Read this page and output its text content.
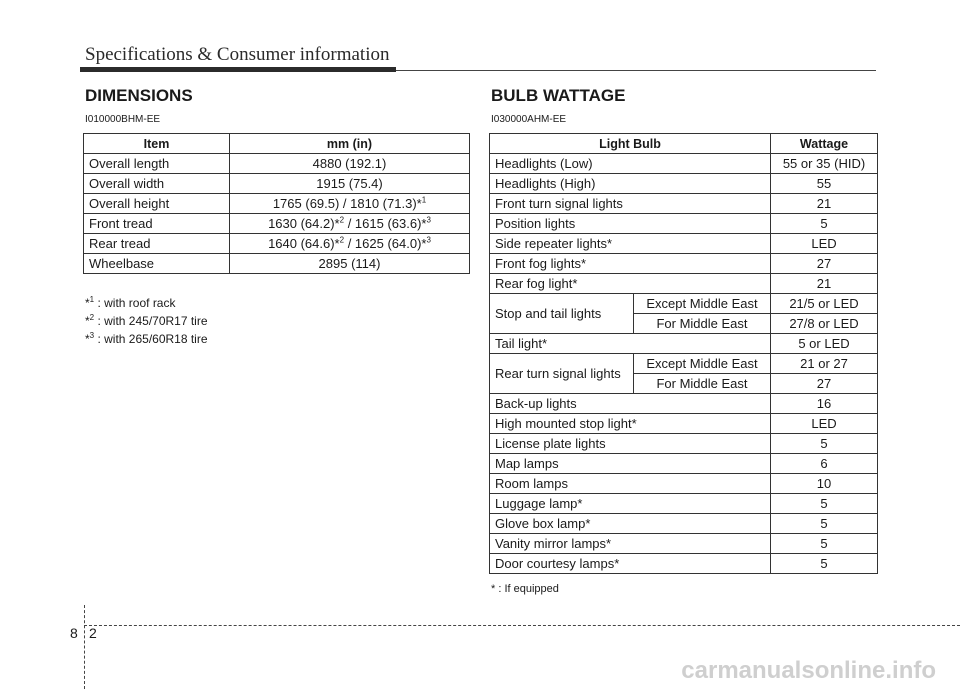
Specifications & Consumer information
DIMENSIONS
I010000BHM-EE
Item	mm (in)
Overall length	4880 (192.1)
Overall width	1915 (75.4)
Overall height	1765 (69.5) / 1810 (71.3)*$^1$
Front tread	1630 (64.2)*$^2$ / 1615 (63.6)*$^3$
Rear tread	1640 (64.6)*$^2$ / 1625 (64.0)*$^3$
Wheelbase	2895 (114)
*$^1$ : with roof rack
*$^2$ : with 245/70R17 tire
*$^3$ : with 265/60R18 tire
BULB WATTAGE
I030000AHM-EE
Light Bulb		Wattage
Headlights (Low)		55 or 35 (HID)
Headlights (High)		55
Front turn signal lights		21
Position lights		5
Side repeater lights*		LED
Front fog lights*		27
Rear fog light*		21
Stop and tail lights	Except Middle East	21/5 or LED
	For Middle East	27/8 or LED
Tail light*		5 or LED
Rear turn signal lights	Except Middle East	21 or 27
	For Middle East	27
Back-up lights		16
High mounted stop light*		LED
License plate lights		5
Map lamps		6
Room lamps		10
Luggage lamp*		5
Glove box lamp*		5
Vanity mirror lamps*		5
Door courtesy lamps*		5
* : If equipped
8 2
carmanualsonline.info
